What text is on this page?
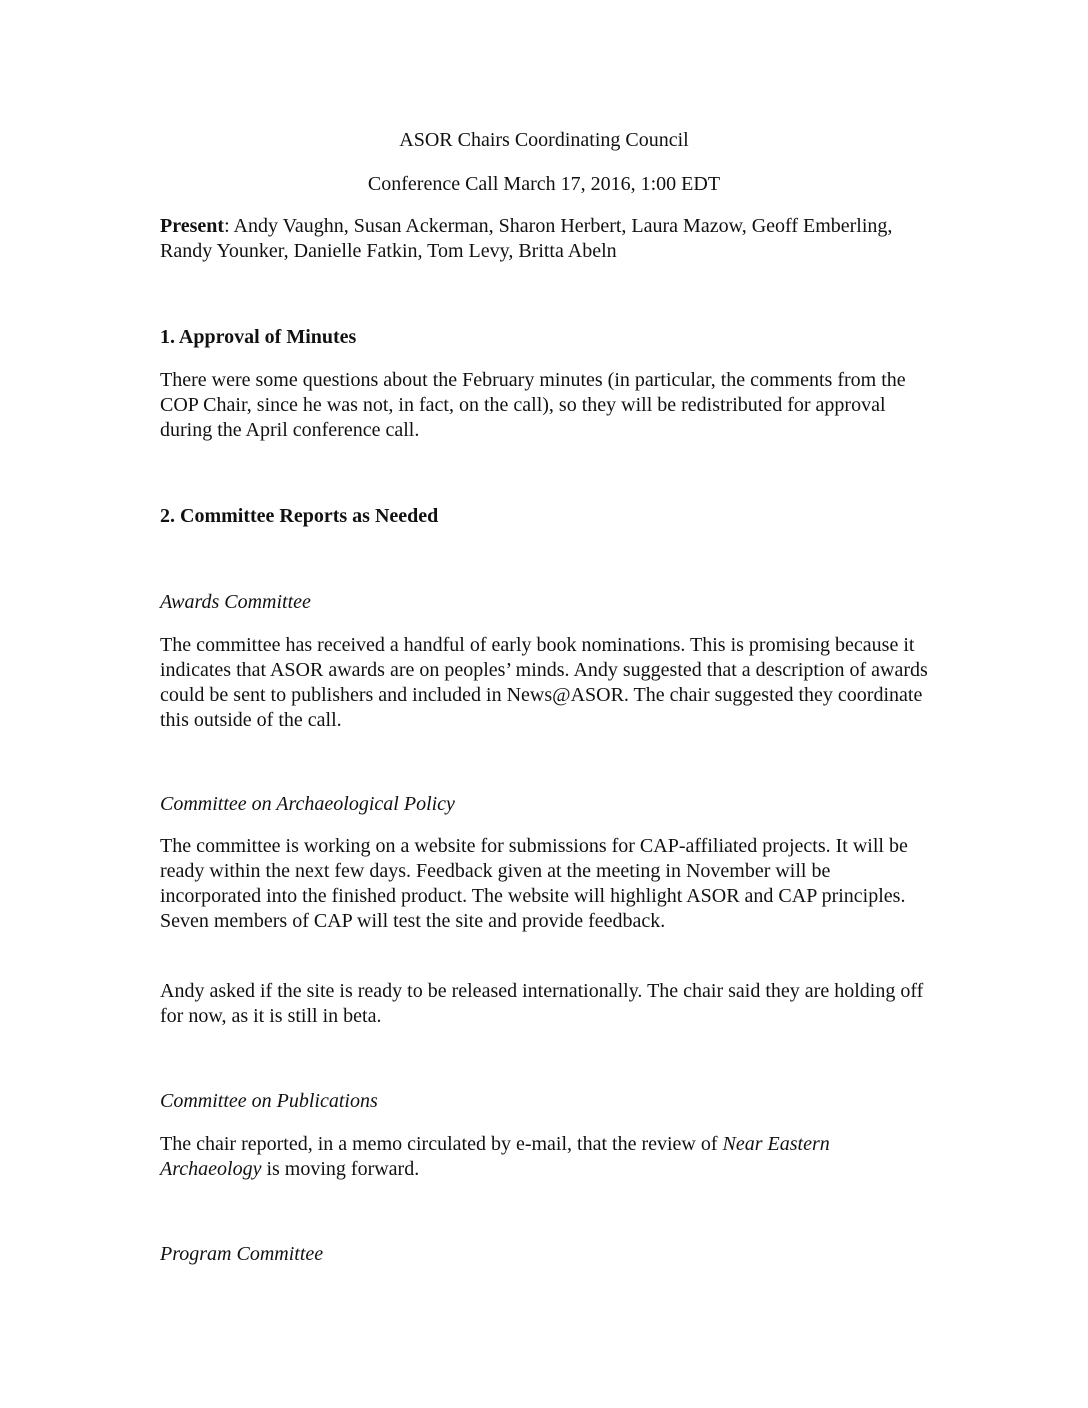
ASOR Chairs Coordinating Council
Conference Call March 17, 2016, 1:00 EDT
Present: Andy Vaughn, Susan Ackerman, Sharon Herbert, Laura Mazow, Geoff Emberling, Randy Younker, Danielle Fatkin, Tom Levy, Britta Abeln
1. Approval of Minutes
There were some questions about the February minutes (in particular, the comments from the COP Chair, since he was not, in fact, on the call), so they will be redistributed for approval during the April conference call.
2. Committee Reports as Needed
Awards Committee
The committee has received a handful of early book nominations. This is promising because it indicates that ASOR awards are on peoples’ minds. Andy suggested that a description of awards could be sent to publishers and included in News@ASOR. The chair suggested they coordinate this outside of the call.
Committee on Archaeological Policy
The committee is working on a website for submissions for CAP-affiliated projects. It will be ready within the next few days. Feedback given at the meeting in November will be incorporated into the finished product. The website will highlight ASOR and CAP principles. Seven members of CAP will test the site and provide feedback.
Andy asked if the site is ready to be released internationally. The chair said they are holding off for now, as it is still in beta.
Committee on Publications
The chair reported, in a memo circulated by e-mail, that the review of Near Eastern Archaeology is moving forward.
Program Committee
